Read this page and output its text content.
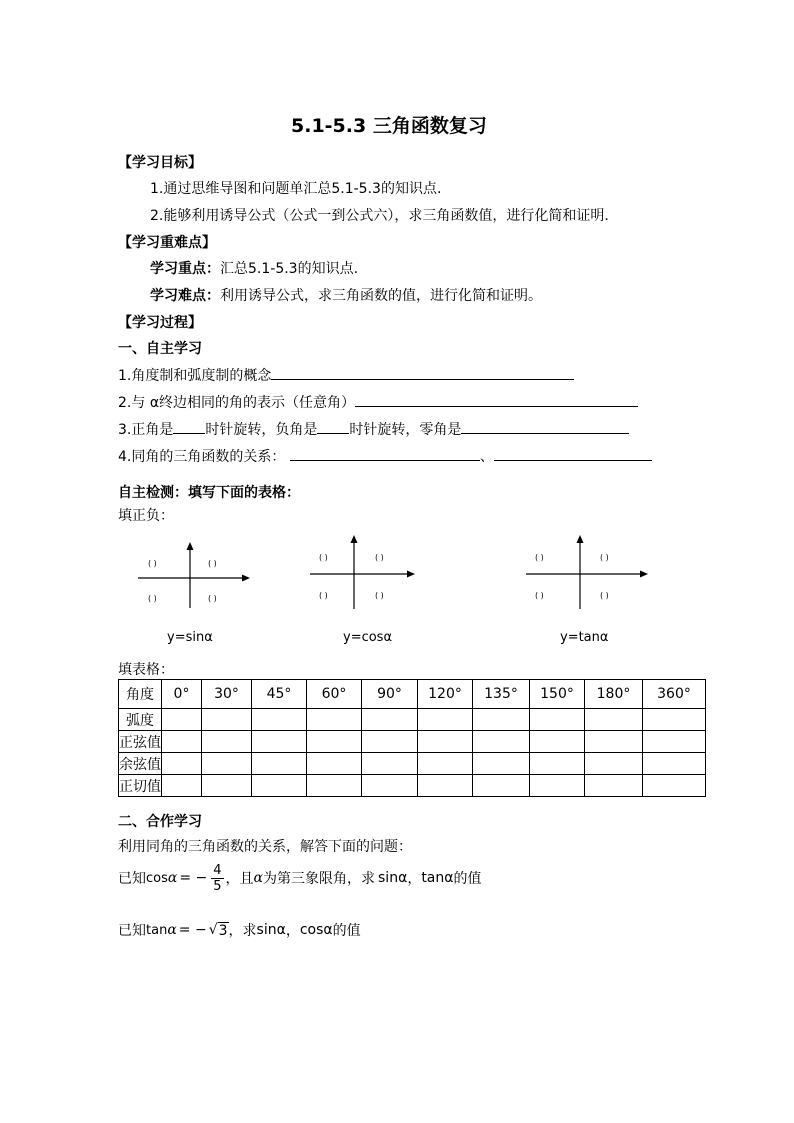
5.1-5.3 三角函数复习
【学习目标】
1.通过思维导图和问题单汇总5.1-5.3的知识点.
2.能够利用诱导公式（公式一到公式六），求三角函数值，进行化简和证明.
【学习重难点】
学习重点：汇总5.1-5.3的知识点.
学习难点：利用诱导公式，求三角函数的值，进行化简和证明。
【学习过程】
一、自主学习
1.角度制和弧度制的概念
2.与 α终边相同的角的表示（任意角）
3.正角是 时针旋转，负角是 时针旋转，零角是
4.同角的三角函数的关系：	、
自主检测：填写下面的表格：
填正负：
( )	( )
( )	( )
y=sinα
( )	( )
( )	( )
y=cosα
( )	( )
( )	( )
y=tanα
填表格：
角度	0°	30°	45°	60°	90°	120°	135°	150°	180°	360°
弧度										
正弦值										
余弦值										
正切值										
二、合作学习
利用同角的三角函数的关系，解答下面的问题：
已知 cos α = − $\frac{4}{5}$ ，且 α 为第三象限角，求 sinα ， tanα 的值
已知 tan α = − √ 3 ，求 sinα ， cosα 的值
